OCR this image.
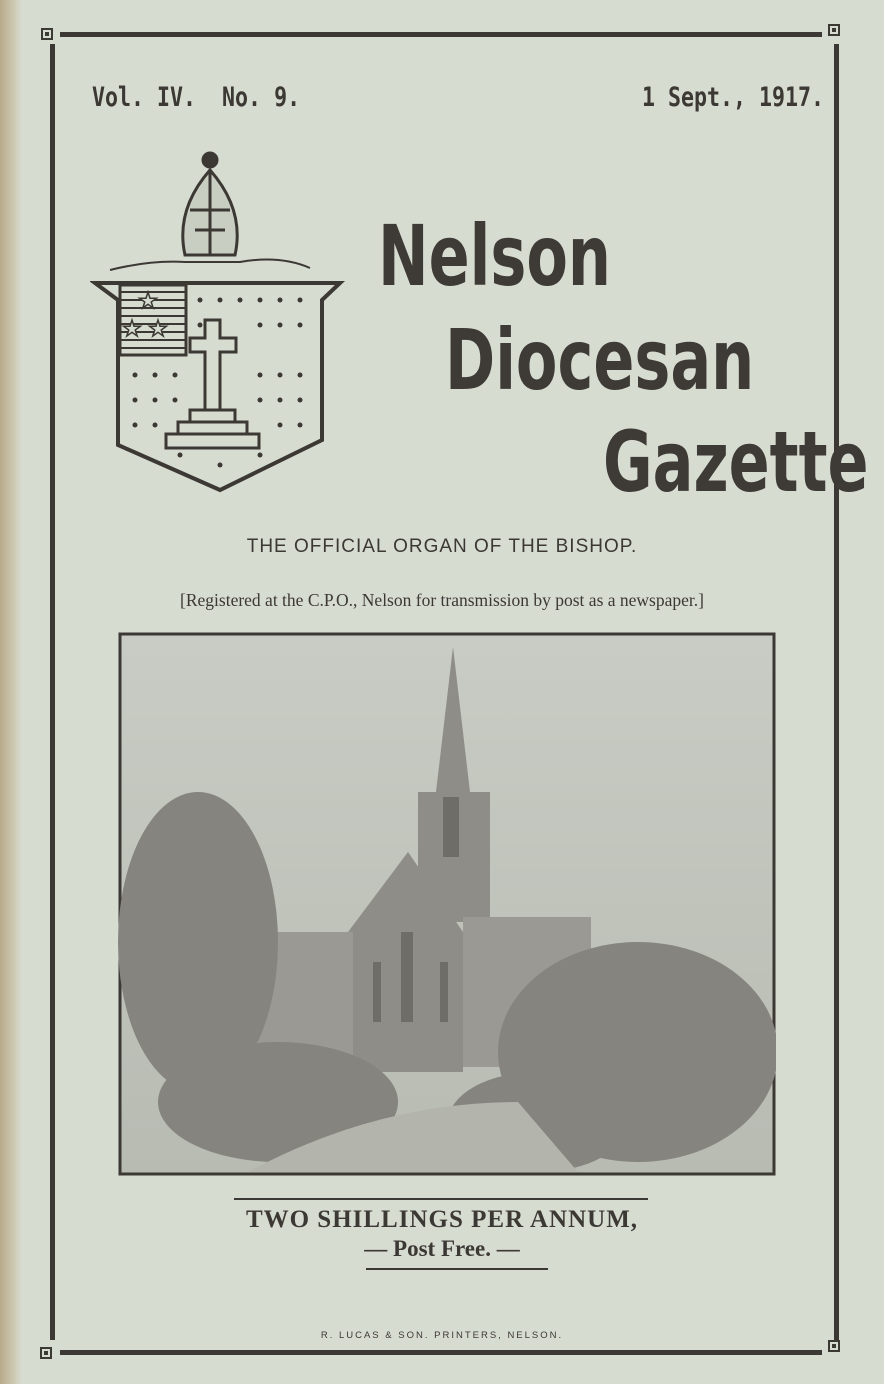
Vol. IV. No. 9.	1 Sept., 1917.
★
★ ★
Nelson
Diocesan
Gazette
THE OFFICIAL ORGAN OF THE BISHOP.
[Registered at the C.P.O., Nelson for transmission by post as a newspaper.]
TWO SHILLINGS PER ANNUM,
— Post Free. —
R. LUCAS & SON. PRINTERS, NELSON.
